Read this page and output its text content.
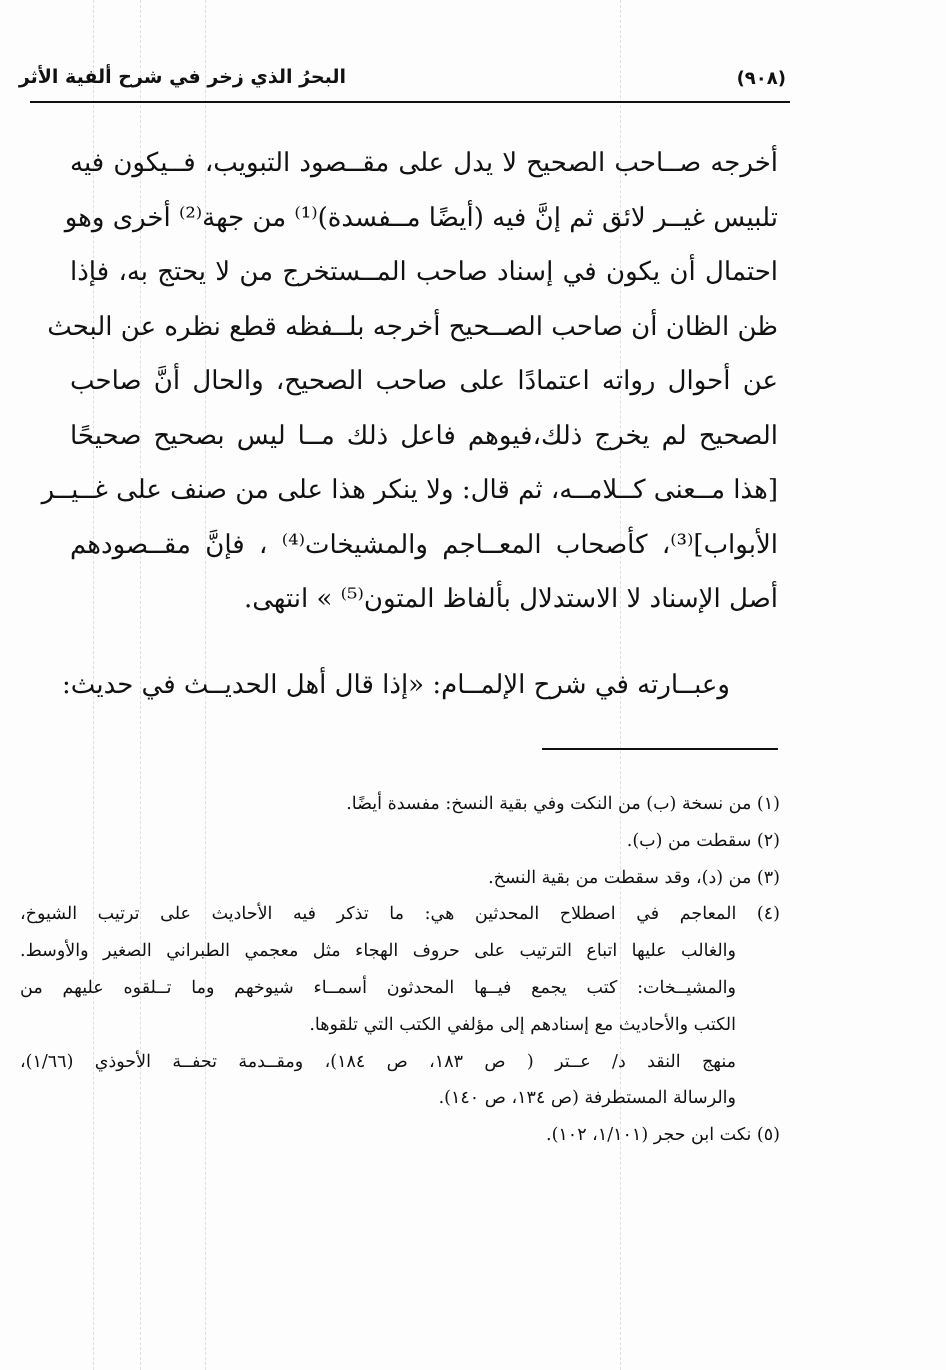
(٩٠٨)
البحرُ الذي زخر في شرح ألفية الأثر
أخرجه صــاحب الصحيح لا يدل على مقــصود التبويب، فــيكون فيه
تلبيس غيــر لائق ثم إنَّ فيه (أيضًا مــفسدة)⁽¹⁾ من جهة⁽²⁾ أخرى وهو
احتمال أن يكون في إسناد صاحب المــستخرج من لا يحتج به، فإذا
ظن الظان أن صاحب الصــحيح أخرجه بلــفظه قطع نظره عن البحث
عن أحوال رواته اعتمادًا على صاحب الصحيح، والحال أنَّ صاحب
الصحيح لم يخرج ذلك،فيوهم فاعل ذلك مــا ليس بصحيح صحيحًا
[هذا مــعنى كــلامــه، ثم قال: ولا ينكر هذا على من صنف على غــيــر
الأبواب]⁽³⁾، كأصحاب المعــاجم والمشيخات⁽⁴⁾ ، فإنَّ مقــصودهم
أصل الإسناد لا الاستدلال بألفاظ المتون⁽⁵⁾ » انتهى.
وعبــارته في شرح الإلمــام: «إذا قال أهل الحديــث في حديث:
(١) من نسخة (ب) من النكت وفي بقية النسخ: مفسدة أيضًا.
(٢) سقطت من (ب).
(٣) من (د)، وقد سقطت من بقية النسخ.
(٤) المعاجم في اصطلاح المحدثين هي: ما تذكر فيه الأحاديث على ترتيب الشيوخ،
والغالب عليها اتباع الترتيب على حروف الهجاء مثل معجمي الطبراني الصغير والأوسط.
والمشيــخات: كتب يجمع فيــها المحدثون أسمــاء شيوخهم وما تــلقوه عليهم من
الكتب والأحاديث مع إسنادهم إلى مؤلفي الكتب التي تلقوها.
منهج النقد د/ عــتر ( ص ١٨٣، ص ١٨٤)، ومقــدمة تحفــة الأحوذي (١/٦٦)،
والرسالة المستطرفة (ص ١٣٤، ص ١٤٠).
(٥) نكت ابن حجر (١/١٠١، ١٠٢).
